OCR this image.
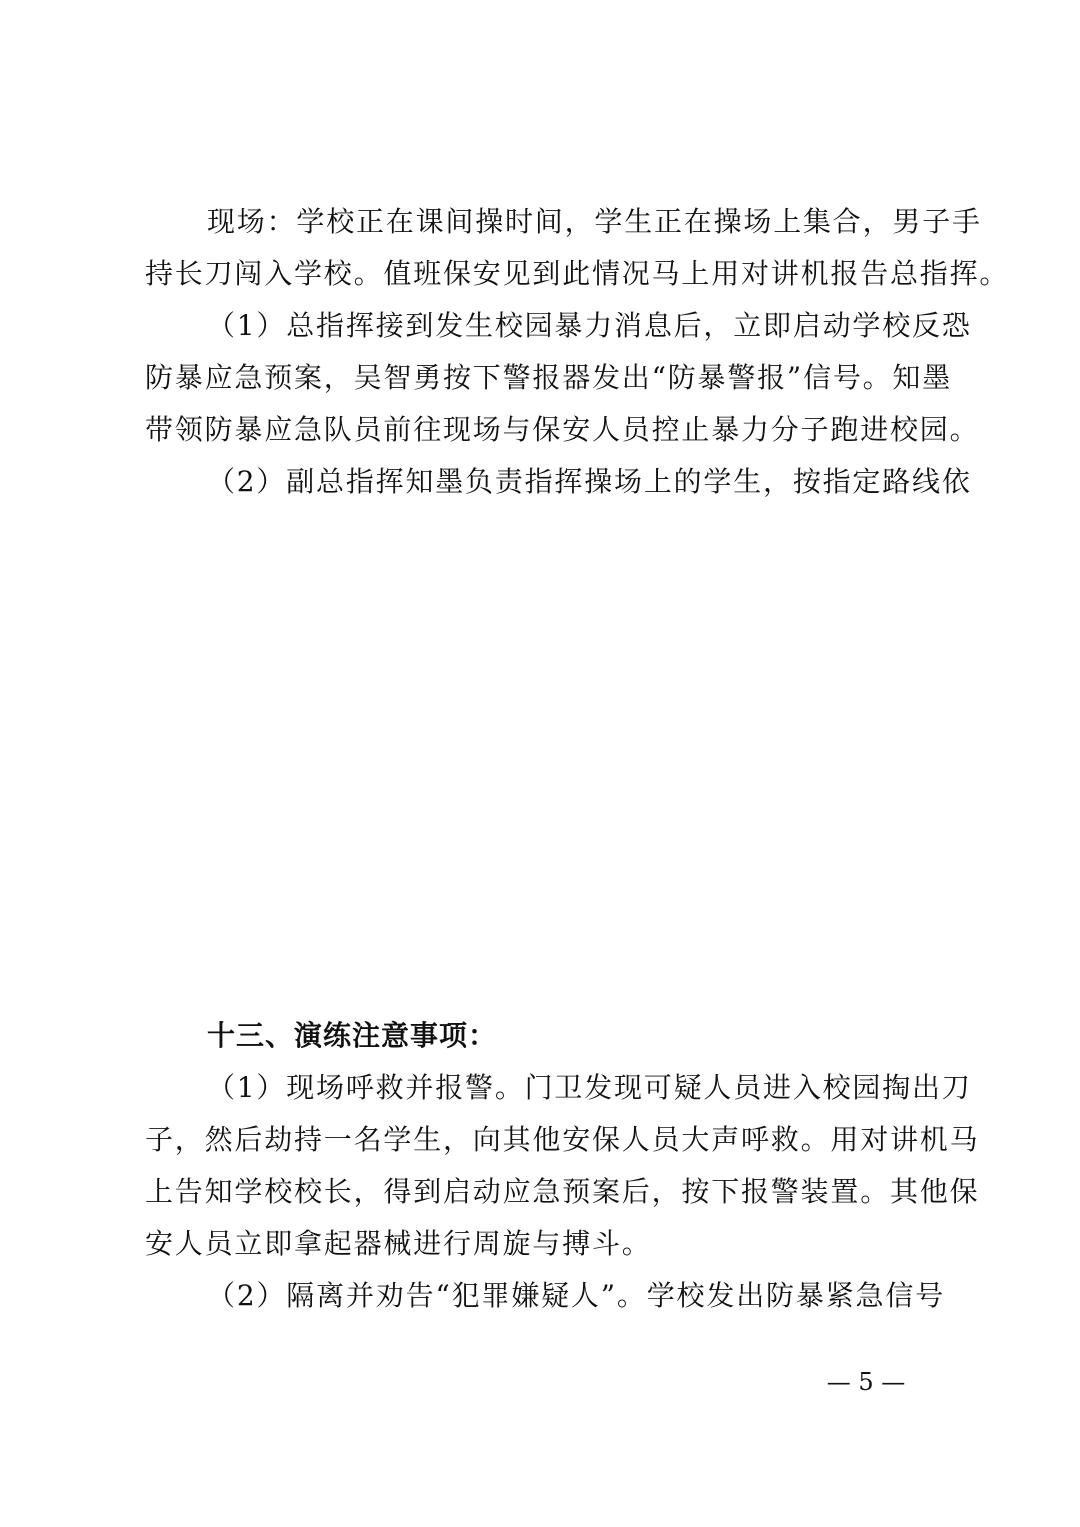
现场：学校正在课间操时间，学生正在操场上集合，男子手
持长刀闯入学校。值班保安见到此情况马上用对讲机报告总指挥。
（1）总指挥接到发生校园暴力消息后，立即启动学校反恐
防暴应急预案，吴智勇按下警报器发出“防暴警报”信号。知墨
带领防暴应急队员前往现场与保安人员控止暴力分子跑进校园。
（2）副总指挥知墨负责指挥操场上的学生，按指定路线依
十三、演练注意事项：
（1）现场呼救并报警。门卫发现可疑人员进入校园掏出刀
子，然后劫持一名学生，向其他安保人员大声呼救。用对讲机马
上告知学校校长，得到启动应急预案后，按下报警装置。其他保
安人员立即拿起器械进行周旋与搏斗。
（2）隔离并劝告“犯罪嫌疑人”。学校发出防暴紧急信号
— 5 —
